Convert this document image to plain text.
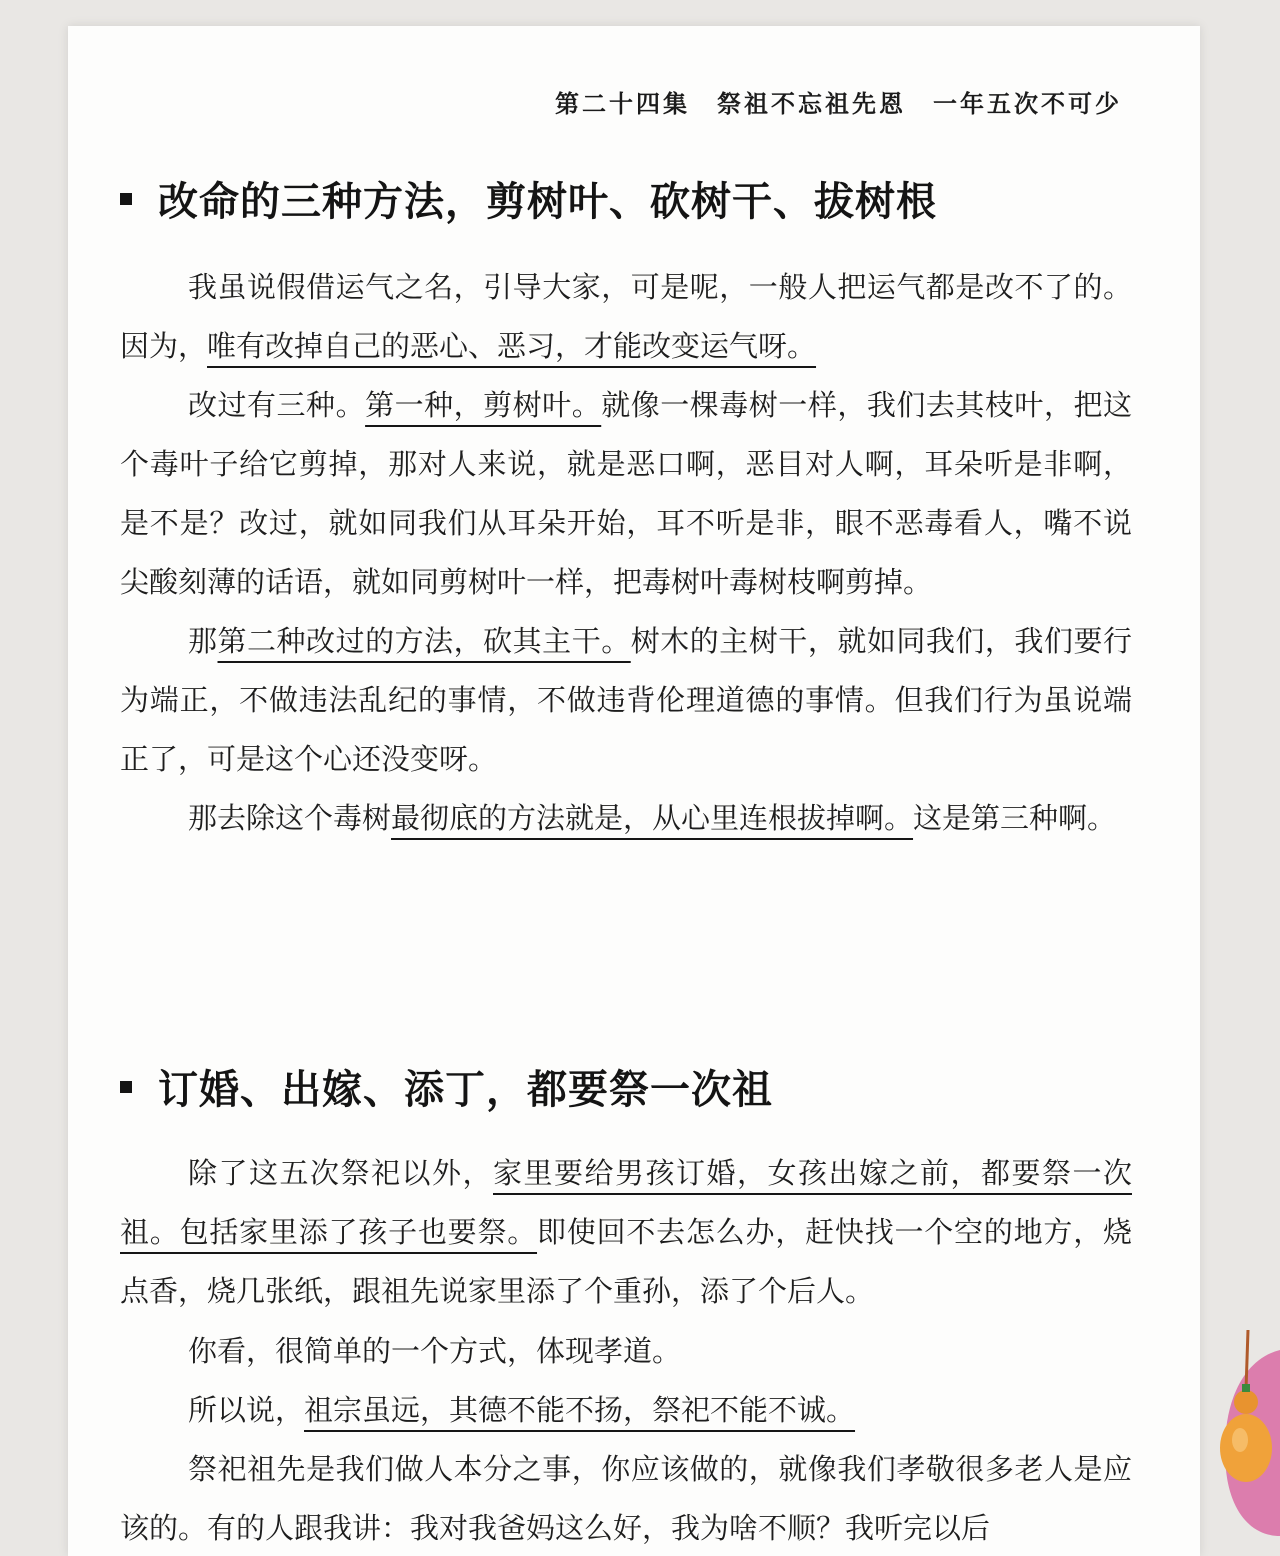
第二十四集　祭祖不忘祖先恩　一年五次不可少
改命的三种方法，剪树叶、砍树干、拔树根

我虽说假借运气之名，引导大家，可是呢，一般人把运气都是改不了的。因为，唯有改掉自己的恶心、恶习，才能改变运气呀。

改过有三种。第一种，剪树叶。就像一棵毒树一样，我们去其枝叶，把这个毒叶子给它剪掉，那对人来说，就是恶口啊，恶目对人啊，耳朵听是非啊，是不是？改过，就如同我们从耳朵开始，耳不听是非，眼不恶毒看人，嘴不说尖酸刻薄的话语，就如同剪树叶一样，把毒树叶毒树枝啊剪掉。

那第二种改过的方法，砍其主干。树木的主树干，就如同我们，我们要行为端正，不做违法乱纪的事情，不做违背伦理道德的事情。但我们行为虽说端正了，可是这个心还没变呀。

那去除这个毒树最彻底的方法就是，从心里连根拔掉啊。这是第三种啊。

订婚、出嫁、添丁，都要祭一次祖

除了这五次祭祀以外，家里要给男孩订婚，女孩出嫁之前，都要祭一次祖。包括家里添了孩子也要祭。即使回不去怎么办，赶快找一个空的地方，烧点香，烧几张纸，跟祖先说家里添了个重孙，添了个后人。

你看，很简单的一个方式，体现孝道。

所以说，祖宗虽远，其德不能不扬，祭祀不能不诚。

祭祀祖先是我们做人本分之事，你应该做的，就像我们孝敬很多老人是应该的。有的人跟我讲：我对我爸妈这么好，我为啥不顺？我听完以后
